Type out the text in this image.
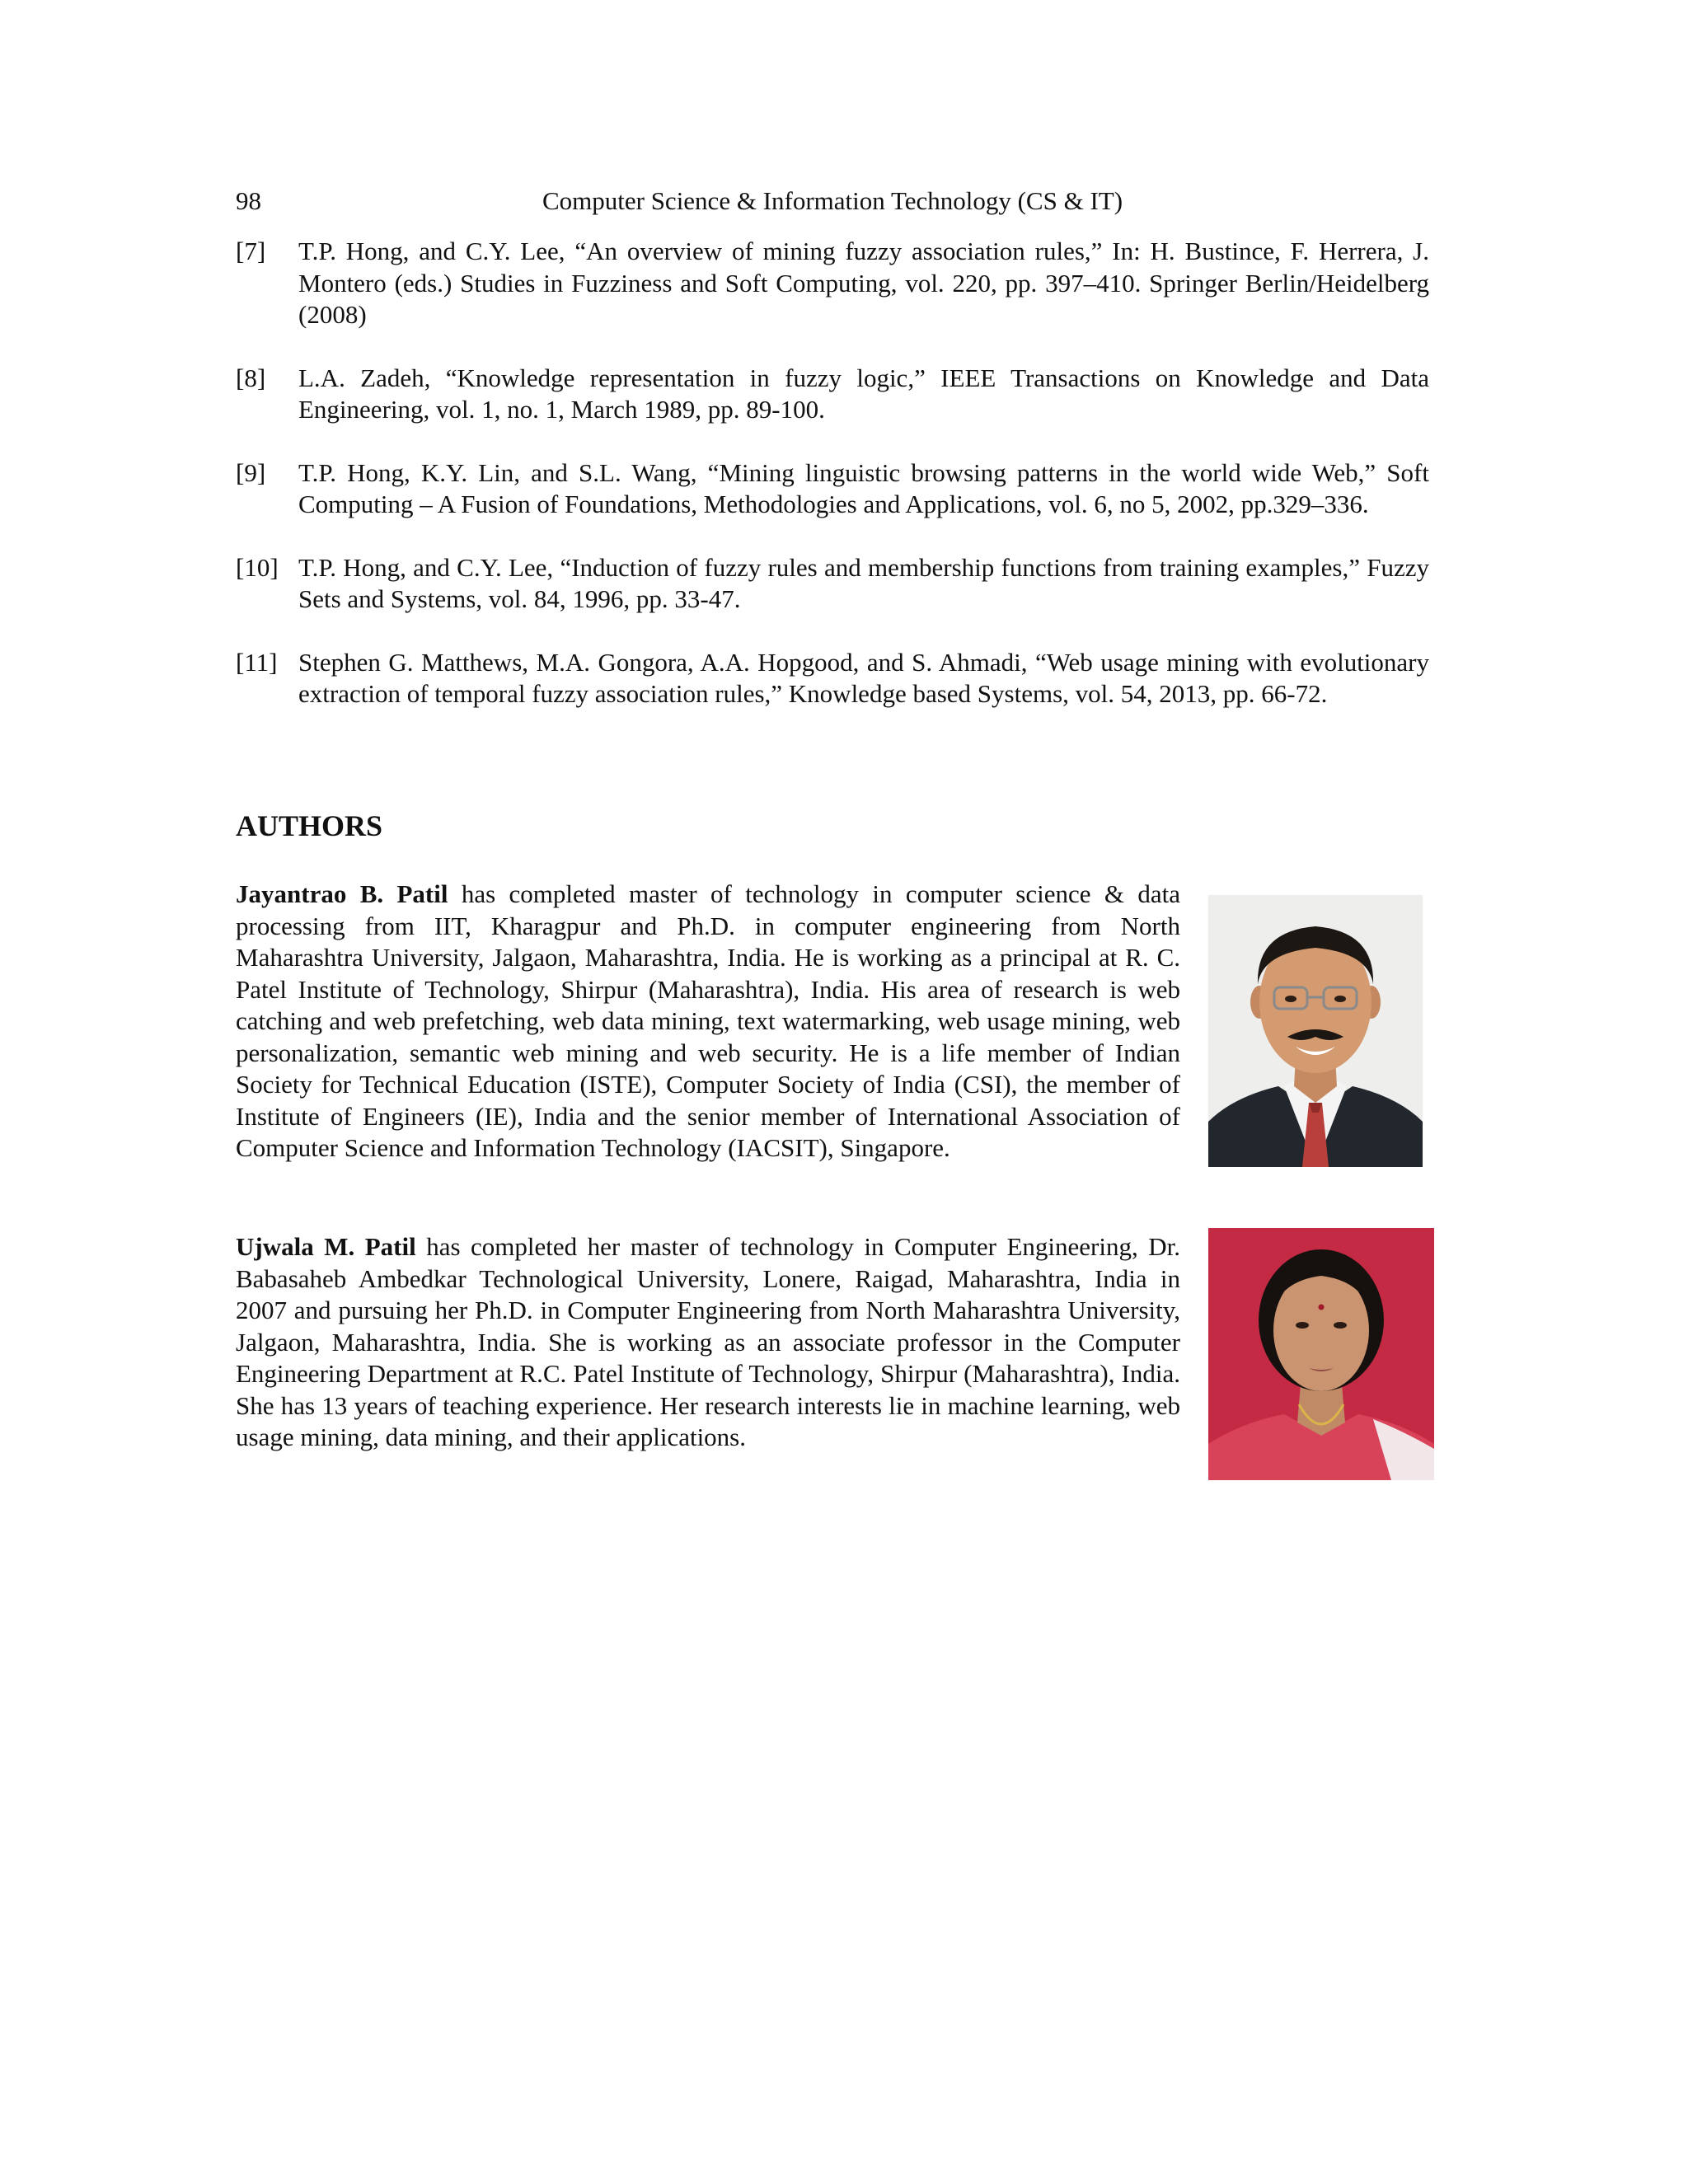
98	Computer Science & Information Technology (CS & IT)
[7] T.P. Hong, and C.Y. Lee, “An overview of mining fuzzy association rules,” In: H. Bustince, F. Herrera, J. Montero (eds.) Studies in Fuzziness and Soft Computing, vol. 220, pp. 397–410. Springer Berlin/Heidelberg (2008)
[8] L.A. Zadeh, “Knowledge representation in fuzzy logic,” IEEE Transactions on Knowledge and Data Engineering, vol. 1, no. 1, March 1989, pp. 89-100.
[9] T.P. Hong, K.Y. Lin, and S.L. Wang, “Mining linguistic browsing patterns in the world wide Web,” Soft Computing – A Fusion of Foundations, Methodologies and Applications, vol. 6, no 5, 2002, pp.329–336.
[10] T.P. Hong, and C.Y. Lee, “Induction of fuzzy rules and membership functions from training examples,” Fuzzy Sets and Systems, vol. 84, 1996, pp. 33-47.
[11] Stephen G. Matthews, M.A. Gongora, A.A. Hopgood, and S. Ahmadi, “Web usage mining with evolutionary extraction of temporal fuzzy association rules,” Knowledge based Systems, vol. 54, 2013, pp. 66-72.
AUTHORS
Jayantrao B. Patil has completed master of technology in computer science & data processing from IIT, Kharagpur and Ph.D. in computer engineering from North Maharashtra University, Jalgaon, Maharashtra, India. He is working as a principal at R. C. Patel Institute of Technology, Shirpur (Maharashtra), India. His area of research is web catching and web prefetching, web data mining, text watermarking, web usage mining, web personalization, semantic web mining and web security. He is a life member of Indian Society for Technical Education (ISTE), Computer Society of India (CSI), the member of Institute of Engineers (IE), India and the senior member of International Association of Computer Science and Information Technology (IACSIT), Singapore.
Ujwala M. Patil has completed her master of technology in Computer Engineering, Dr. Babasaheb Ambedkar Technological University, Lonere, Raigad, Maharashtra, India in 2007 and pursuing her Ph.D. in Computer Engineering from North Maharashtra University, Jalgaon, Maharashtra, India. She is working as an associate professor in the Computer Engineering Department at R.C. Patel Institute of Technology, Shirpur (Maharashtra), India. She has 13 years of teaching experience. Her research interests lie in machine learning, web usage mining, data mining, and their applications.
